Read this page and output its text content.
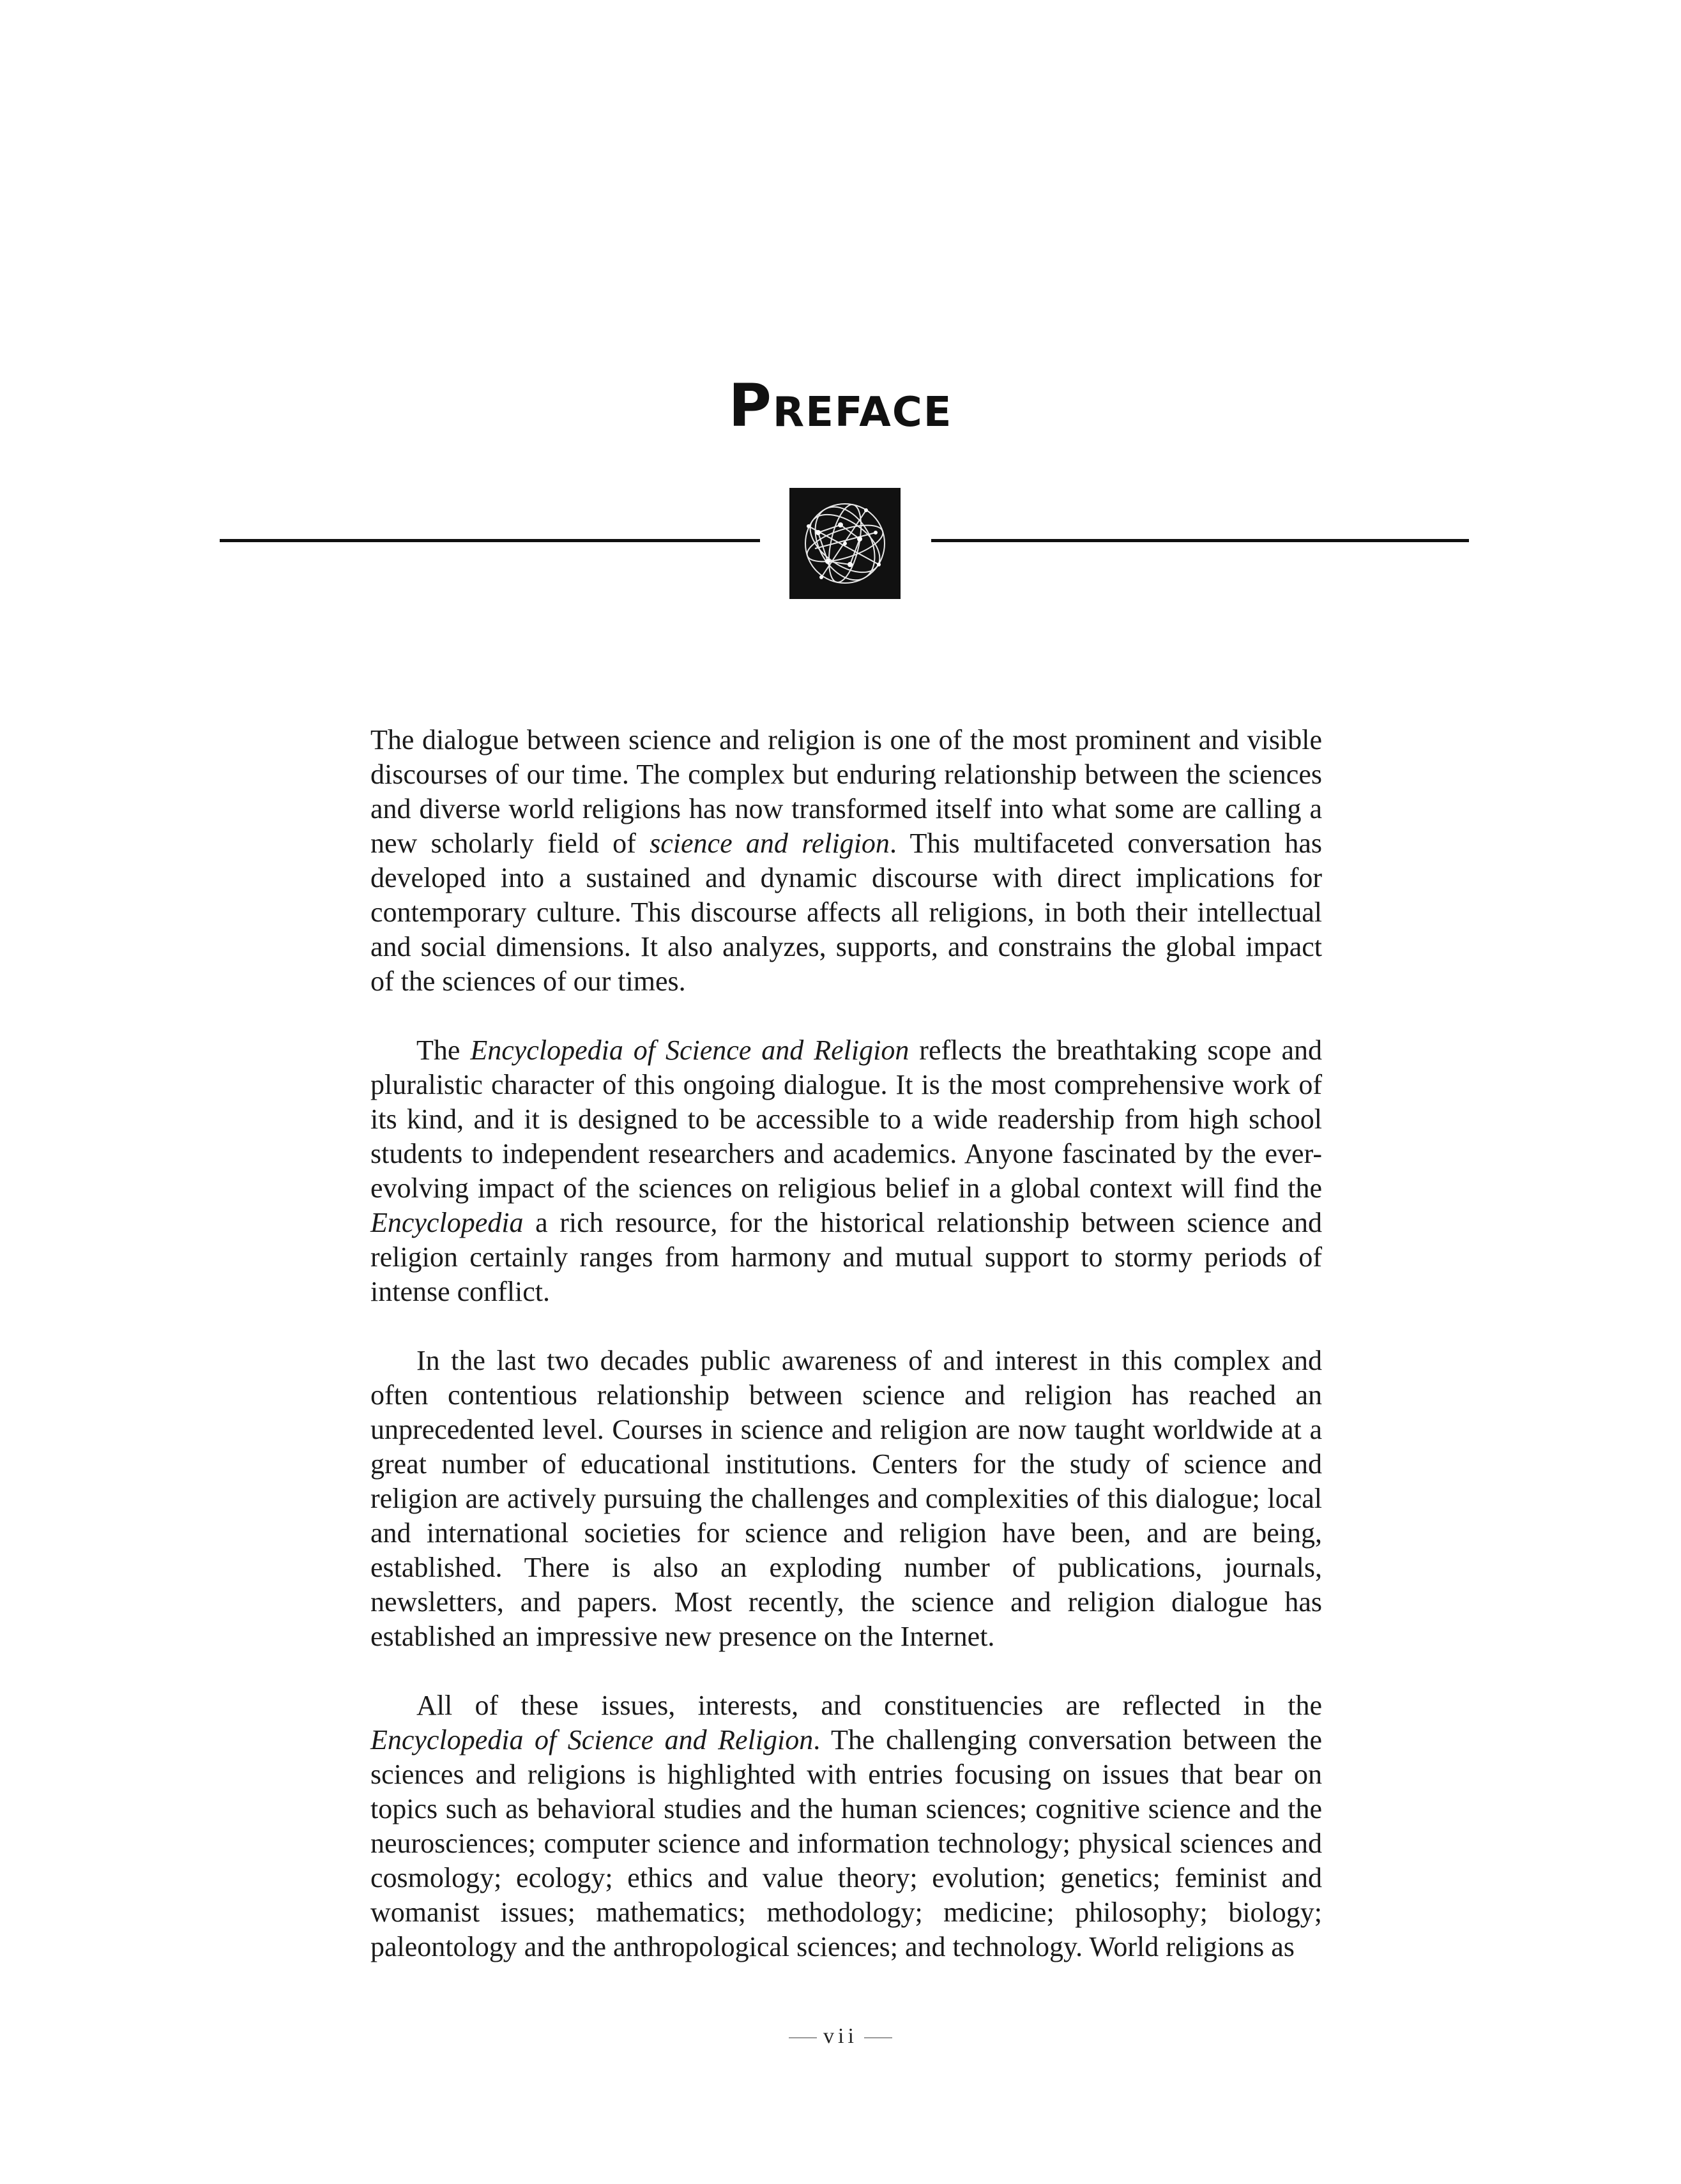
Preface

The dialogue between science and religion is one of the most prominent and visible discourses of our time. The complex but enduring relationship between the sciences and diverse world religions has now transformed itself into what some are calling a new scholarly field of science and religion. This multifaceted conversation has developed into a sustained and dynamic discourse with direct implications for contemporary culture. This discourse affects all religions, in both their intellectual and social dimensions. It also analyzes, supports, and constrains the global impact of the sciences of our times.

The Encyclopedia of Science and Religion reflects the breathtaking scope and pluralistic character of this ongoing dialogue. It is the most comprehensive work of its kind, and it is designed to be accessible to a wide readership from high school students to independent researchers and academics. Anyone fascinated by the ever-evolving impact of the sciences on religious belief in a global context will find the Encyclopedia a rich resource, for the historical relationship between science and religion certainly ranges from harmony and mutual support to stormy periods of intense conflict.

In the last two decades public awareness of and interest in this complex and often contentious relationship between science and religion has reached an unprecedented level. Courses in science and religion are now taught worldwide at a great number of educational institutions. Centers for the study of science and religion are actively pursuing the challenges and complexities of this dialogue; local and international societies for science and religion have been, and are being, established. There is also an exploding number of publications, journals, newsletters, and papers. Most recently, the science and religion dialogue has established an impressive new presence on the Internet.

All of these issues, interests, and constituencies are reflected in the Encyclopedia of Science and Religion. The challenging conversation between the sciences and religions is highlighted with entries focusing on issues that bear on topics such as behavioral studies and the human sciences; cognitive science and the neurosciences; computer science and information technology; physical sciences and cosmology; ecology; ethics and value theory; evolution; genetics; feminist and womanist issues; mathematics; methodology; medicine; philosophy; biology; paleontology and the anthropological sciences; and technology. World religions as

vii
